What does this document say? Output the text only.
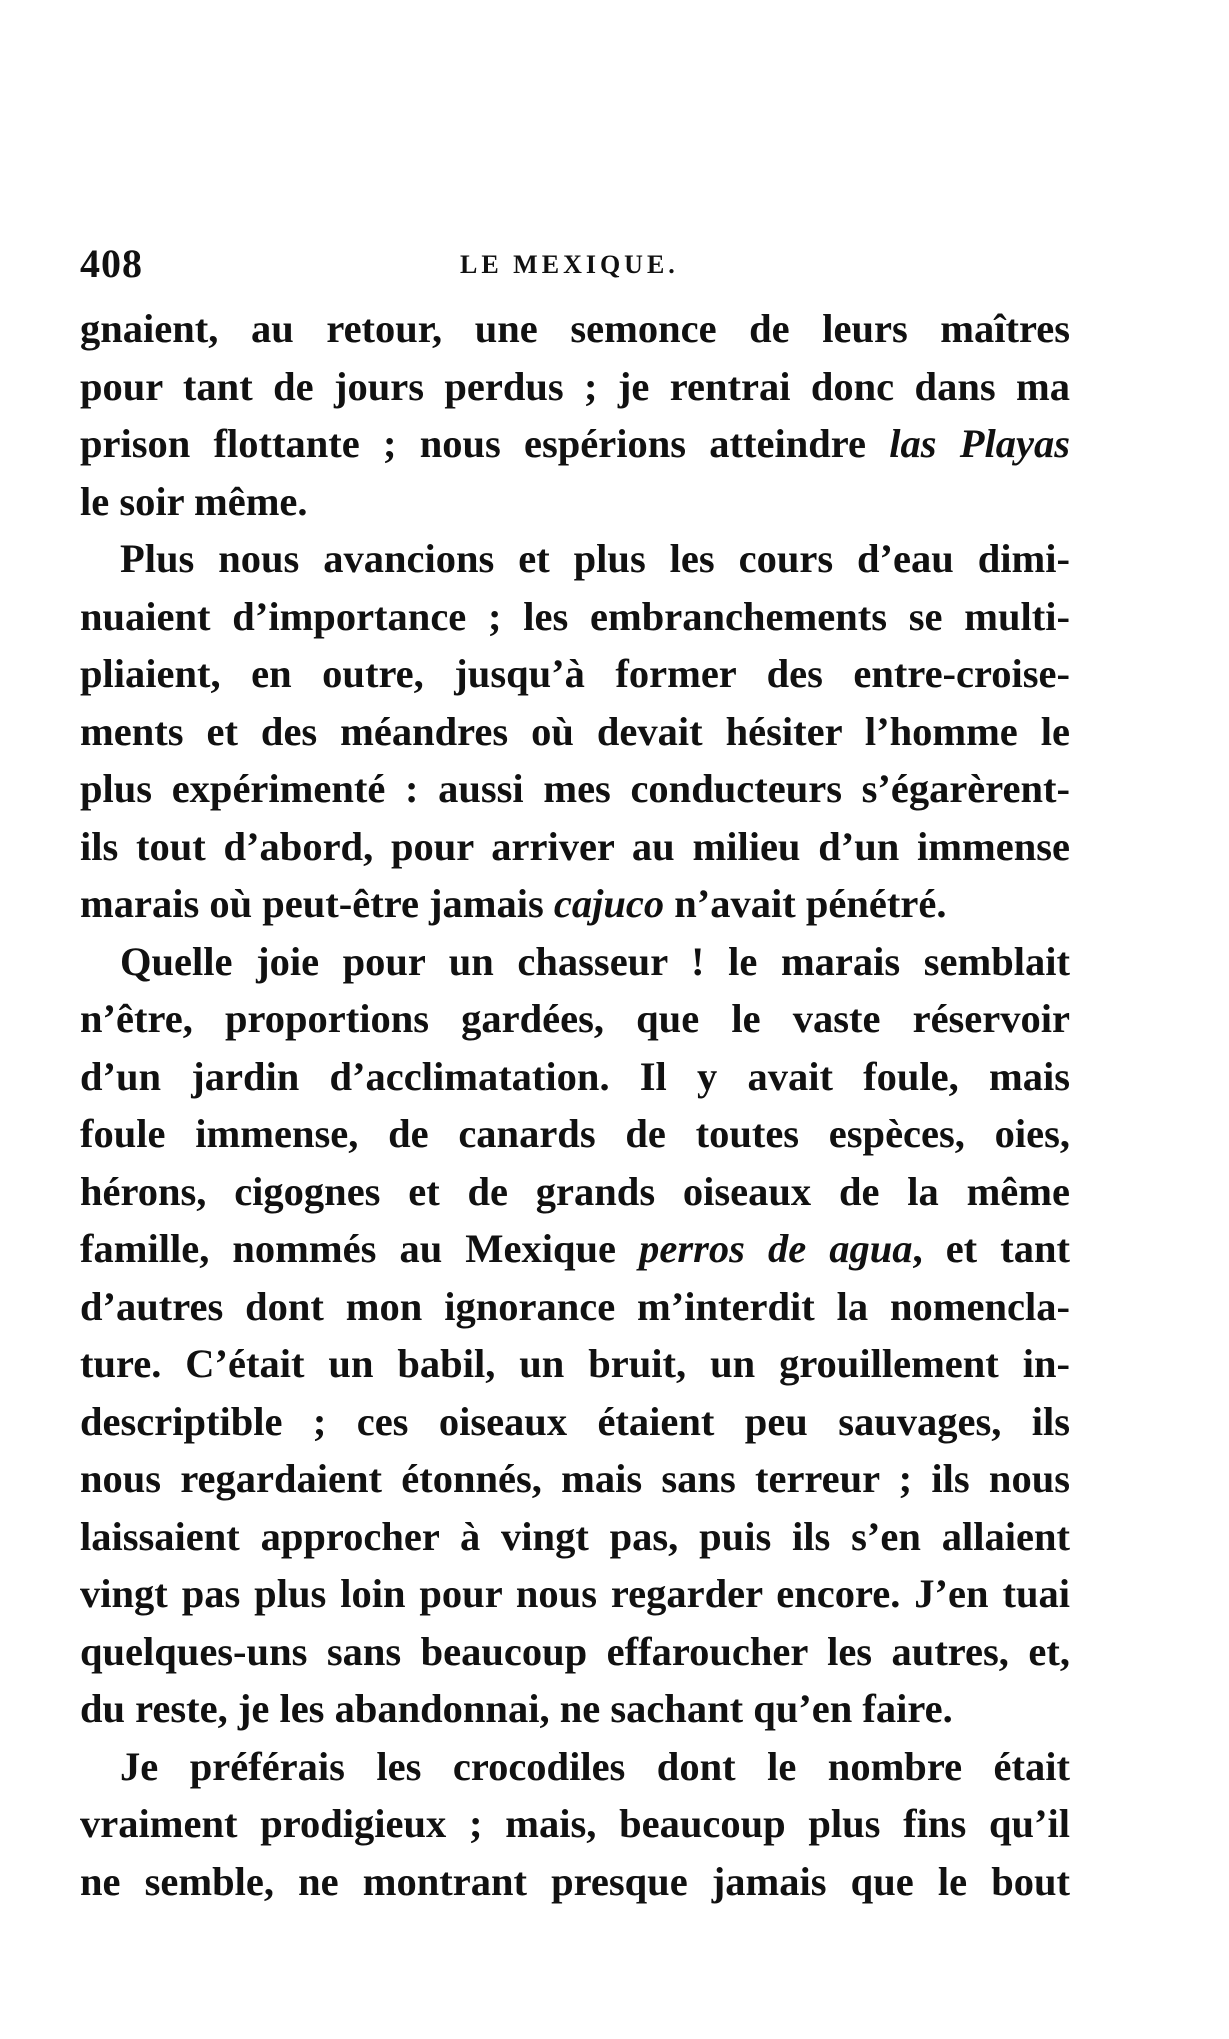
408	LE MEXIQUE.
gnaient, au retour, une semonce de leurs maîtres
pour tant de jours perdus ; je rentrai donc dans ma
prison flottante ; nous espérions atteindre las Playas
le soir même.
Plus nous avancions et plus les cours d’eau dimi-
nuaient d’importance ; les embranchements se multi-
pliaient, en outre, jusqu’à former des entre-croise-
ments et des méandres où devait hésiter l’homme le
plus expérimenté : aussi mes conducteurs s’égarèrent-
ils tout d’abord, pour arriver au milieu d’un immense
marais où peut-être jamais cajuco n’avait pénétré.
Quelle joie pour un chasseur ! le marais semblait
n’être, proportions gardées, que le vaste réservoir
d’un jardin d’acclimatation. Il y avait foule, mais
foule immense, de canards de toutes espèces, oies,
hérons, cigognes et de grands oiseaux de la même
famille, nommés au Mexique perros de agua, et tant
d’autres dont mon ignorance m’interdit la nomencla-
ture. C’était un babil, un bruit, un grouillement in-
descriptible ; ces oiseaux étaient peu sauvages, ils
nous regardaient étonnés, mais sans terreur ; ils nous
laissaient approcher à vingt pas, puis ils s’en allaient
vingt pas plus loin pour nous regarder encore. J’en tuai
quelques-uns sans beaucoup effaroucher les autres, et,
du reste, je les abandonnai, ne sachant qu’en faire.
Je préférais les crocodiles dont le nombre était
vraiment prodigieux ; mais, beaucoup plus fins qu’il
ne semble, ne montrant presque jamais que le bout
